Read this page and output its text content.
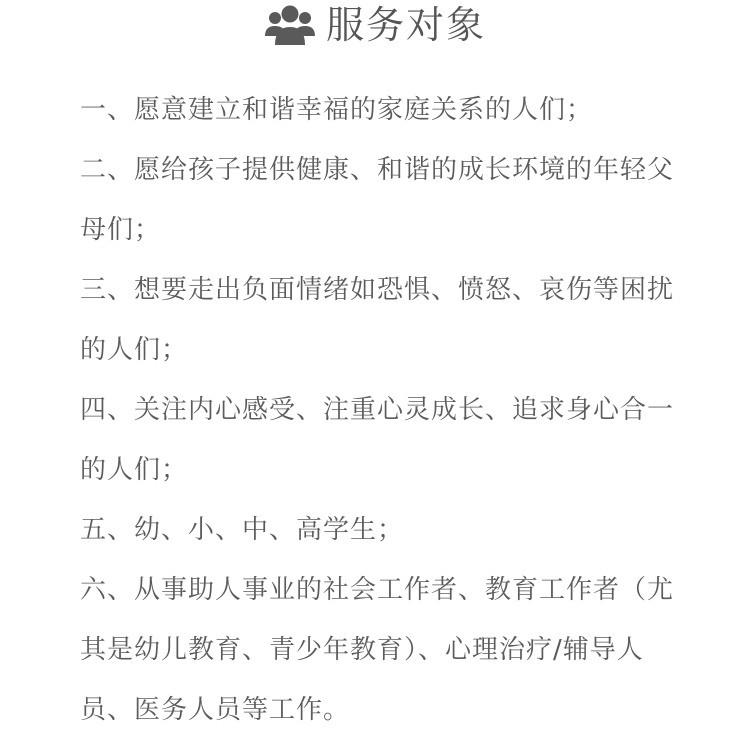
服务对象

一、愿意建立和谐幸福的家庭关系的人们；

二、愿给孩子提供健康、和谐的成长环境的年轻父母们；

三、想要走出负面情绪如恐惧、愤怒、哀伤等困扰的人们；

四、关注内心感受、注重心灵成长、追求身心合一的人们；

五、幼、小、中、高学生；

六、从事助人事业的社会工作者、教育工作者（尤其是幼儿教育、青少年教育）、心理治疗/辅导人员、医务人员等工作。
